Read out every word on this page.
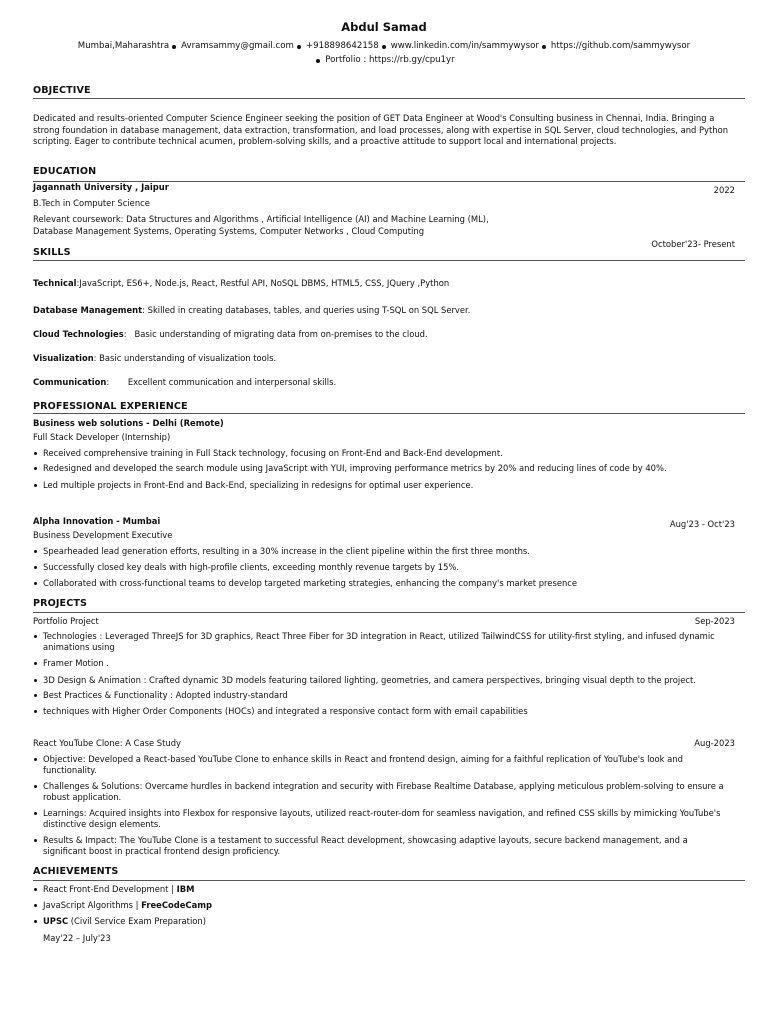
Abdul Samad
Mumbai,Maharashtra Avramsammy@gmail.com +918898642158 www.linkedin.com/in/sammywysor https://github.com/sammywysor
Portfolio : https://rb.gy/cpu1yr
OBJECTIVE
Dedicated and results-oriented Computer Science Engineer seeking the position of GET Data Engineer at Wood's Consulting business in Chennai, India. Bringing a strong foundation in database management, data extraction, transformation, and load processes, along with expertise in SQL Server, cloud technologies, and Python scripting. Eager to contribute technical acumen, problem-solving skills, and a proactive attitude to support local and international projects.
EDUCATION
Jagannath University , Jaipur	2022
B.Tech in Computer Science
Relevant coursework: Data Structures and Algorithms , Artificial Intelligence (AI) and Machine Learning (ML),
Database Management Systems, Operating Systems, Computer Networks , Cloud Computing
October'23- Present
SKILLS
Technical:JavaScript, ES6+, Node.js, React, Restful API, NoSQL DBMS, HTML5, CSS, JQuery ,Python
Database Management: Skilled in creating databases, tables, and queries using T-SQL on SQL Server.
Cloud Technologies:   Basic understanding of migrating data from on-premises to the cloud.
Visualization: Basic understanding of visualization tools.
Communication:       Excellent communication and interpersonal skills.
PROFESSIONAL EXPERIENCE
Business web solutions - Delhi (Remote)
Full Stack Developer (Internship)
Received comprehensive training in Full Stack technology, focusing on Front-End and Back-End development.
Redesigned and developed the search module using JavaScript with YUI, improving performance metrics by 20% and reducing lines of code by 40%.
Led multiple projects in Front-End and Back-End, specializing in redesigns for optimal user experience.
Alpha Innovation - Mumbai	Aug'23 - Oct'23
Business Development Executive
Spearheaded lead generation efforts, resulting in a 30% increase in the client pipeline within the first three months.
Successfully closed key deals with high-profile clients, exceeding monthly revenue targets by 15%.
Collaborated with cross-functional teams to develop targeted marketing strategies, enhancing the company's market presence
PROJECTS
Portfolio Project	Sep-2023
Technologies : Leveraged ThreeJS for 3D graphics, React Three Fiber for 3D integration in React, utilized TailwindCSS for utility-first styling, and infused dynamic animations using
Framer Motion .
3D Design & Animation : Crafted dynamic 3D models featuring tailored lighting, geometries, and camera perspectives, bringing visual depth to the project.
Best Practices & Functionality : Adopted industry-standard
techniques with Higher Order Components (HOCs) and integrated a responsive contact form with email capabilities
React YouTube Clone: A Case Study	Aug-2023
Objective: Developed a React-based YouTube Clone to enhance skills in React and frontend design, aiming for a faithful replication of YouTube's look and functionality.
Challenges & Solutions: Overcame hurdles in backend integration and security with Firebase Realtime Database, applying meticulous problem-solving to ensure a robust application.
Learnings: Acquired insights into Flexbox for responsive layouts, utilized react-router-dom for seamless navigation, and refined CSS skills by mimicking YouTube's distinctive design elements.
Results & Impact: The YouTube Clone is a testament to successful React development, showcasing adaptive layouts, secure backend management, and a significant boost in practical frontend design proficiency.
ACHIEVEMENTS
React Front-End Development | IBM
JavaScript Algorithms | FreeCodeCamp
UPSC (Civil Service Exam Preparation)
May'22 – July'23
